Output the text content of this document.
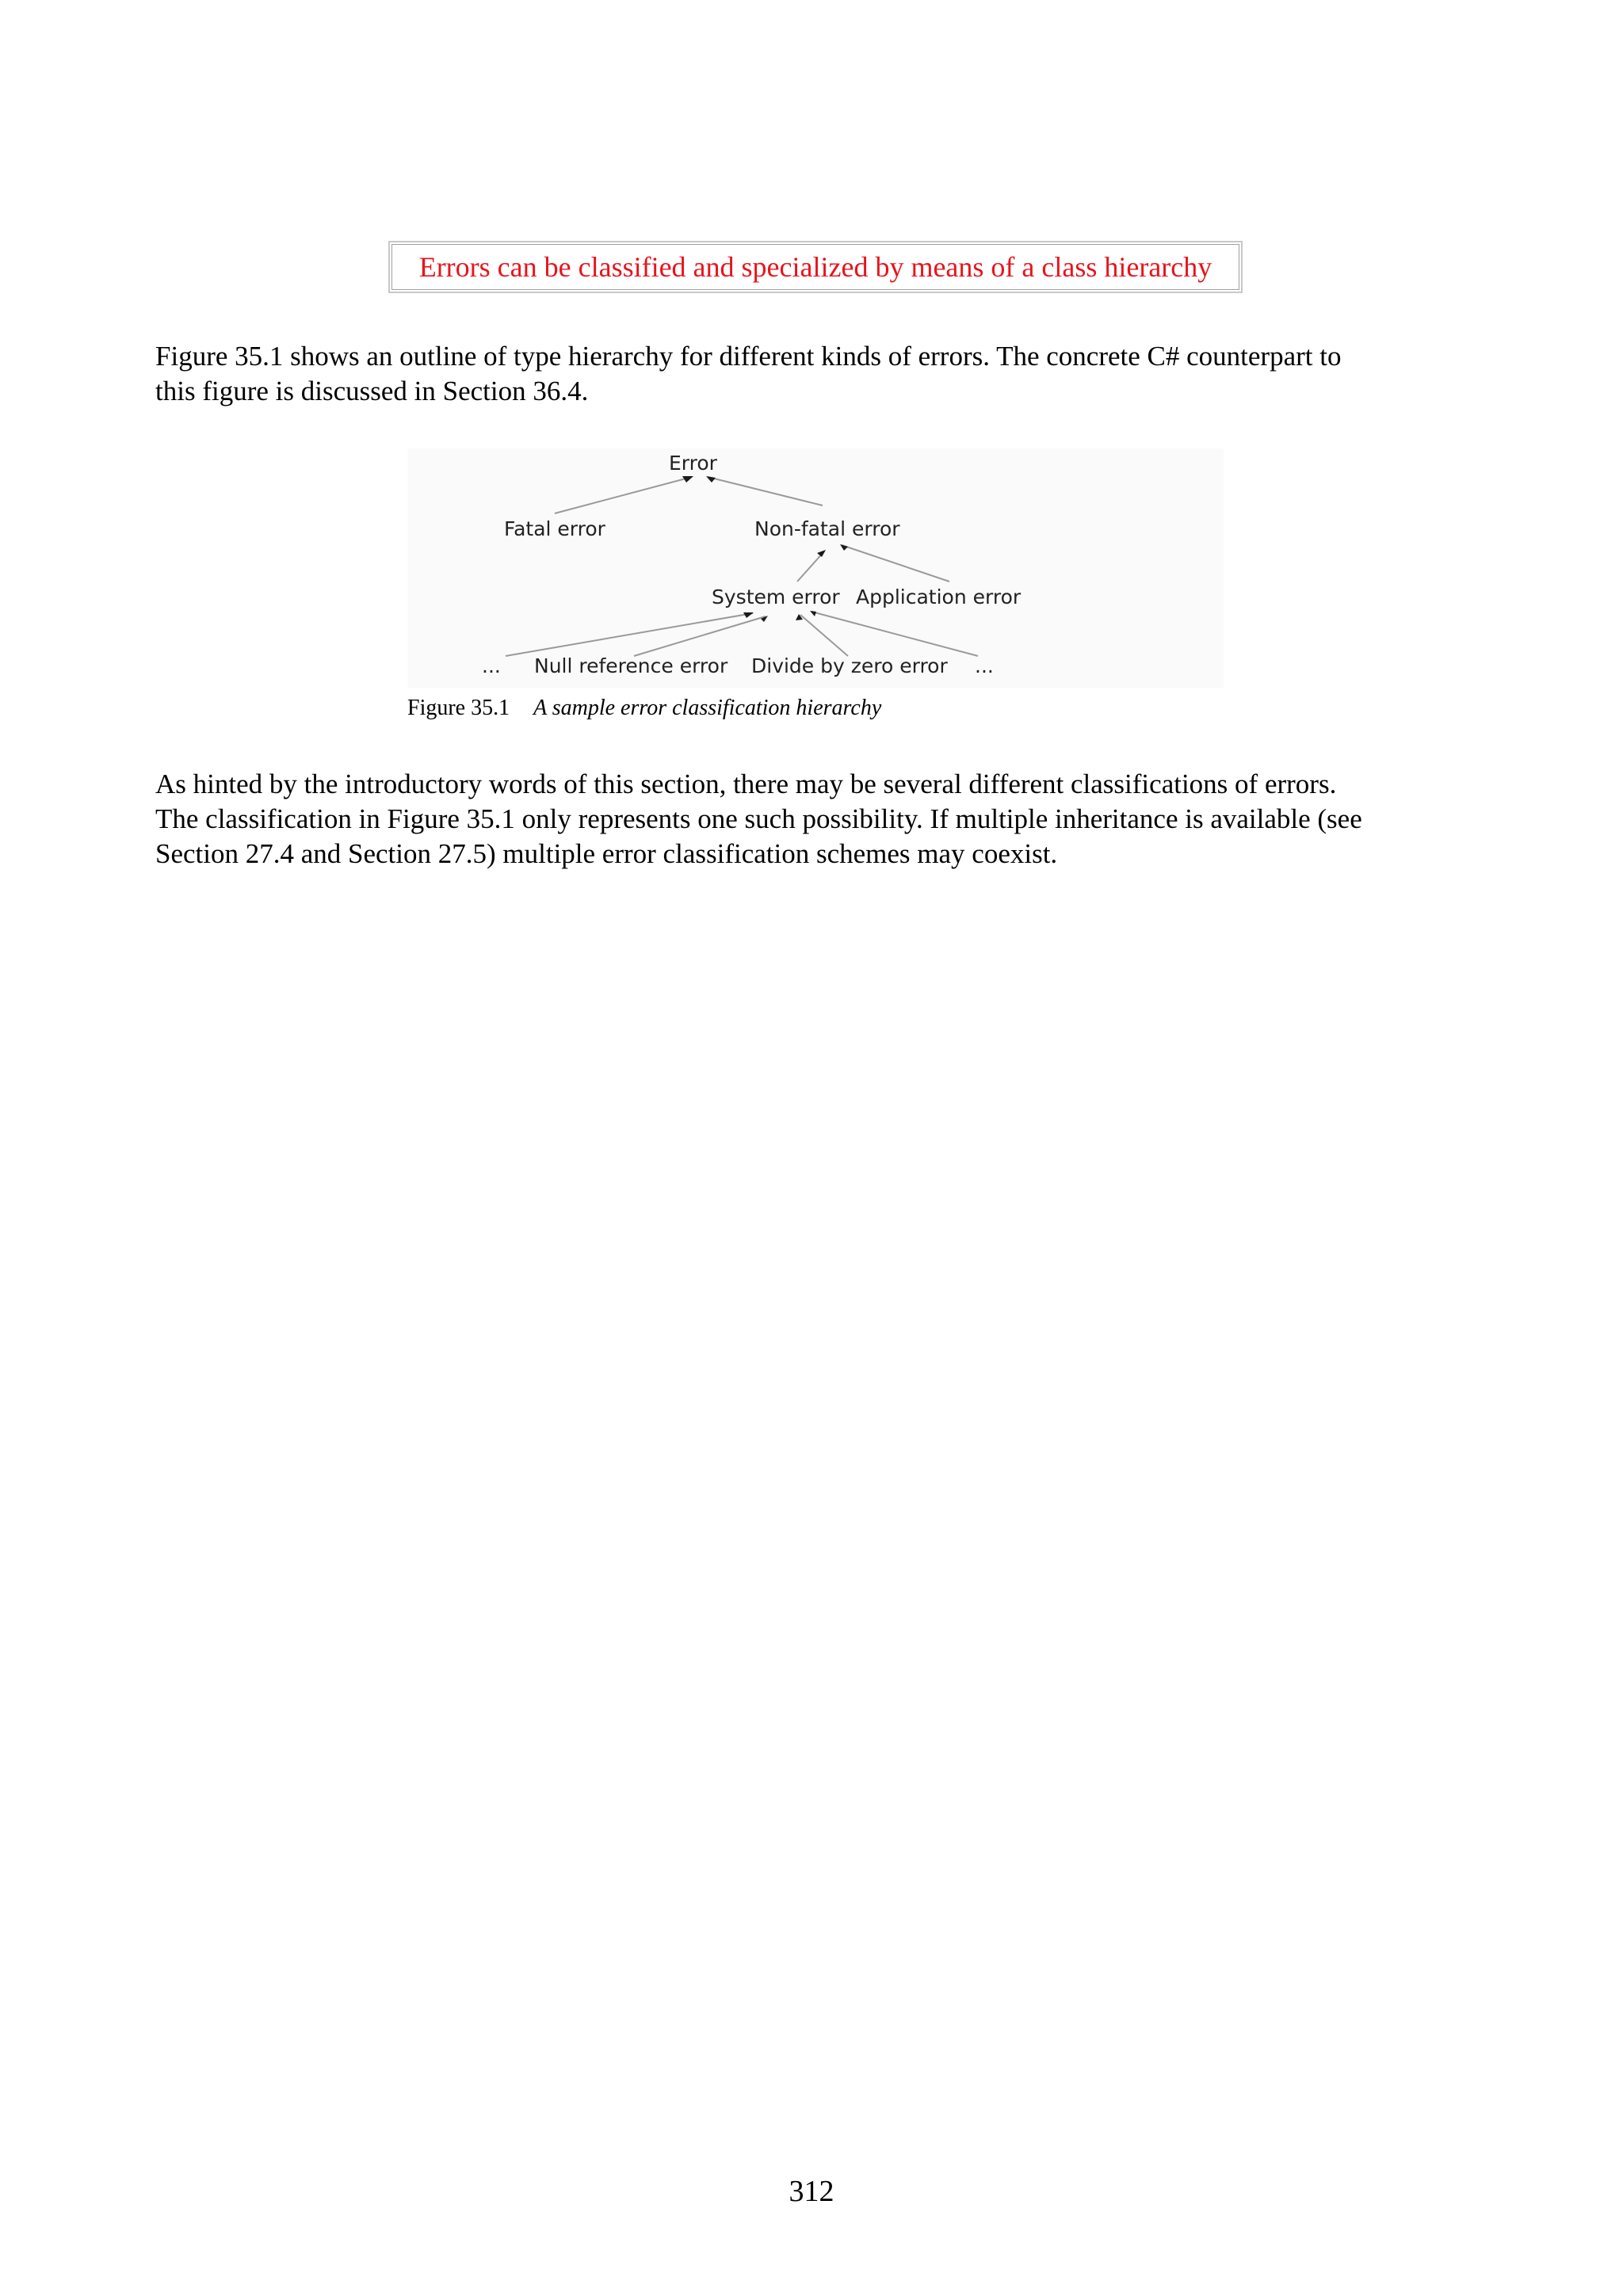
Errors can be classified and specialized by means of a class hierarchy

Figure 35.1 shows an outline of type hierarchy for different kinds of errors. The concrete C# counterpart to
this figure is discussed in Section 36.4.

Error
Fatal error	Non-fatal error
System error Application error
... Null reference error Divide by zero error ...
Figure 35.1 A sample error classification hierarchy

As hinted by the introductory words of this section, there may be several different classifications of errors.
The classification in Figure 35.1 only represents one such possibility. If multiple inheritance is available (see
Section 27.4 and Section 27.5) multiple error classification schemes may coexist.

312
